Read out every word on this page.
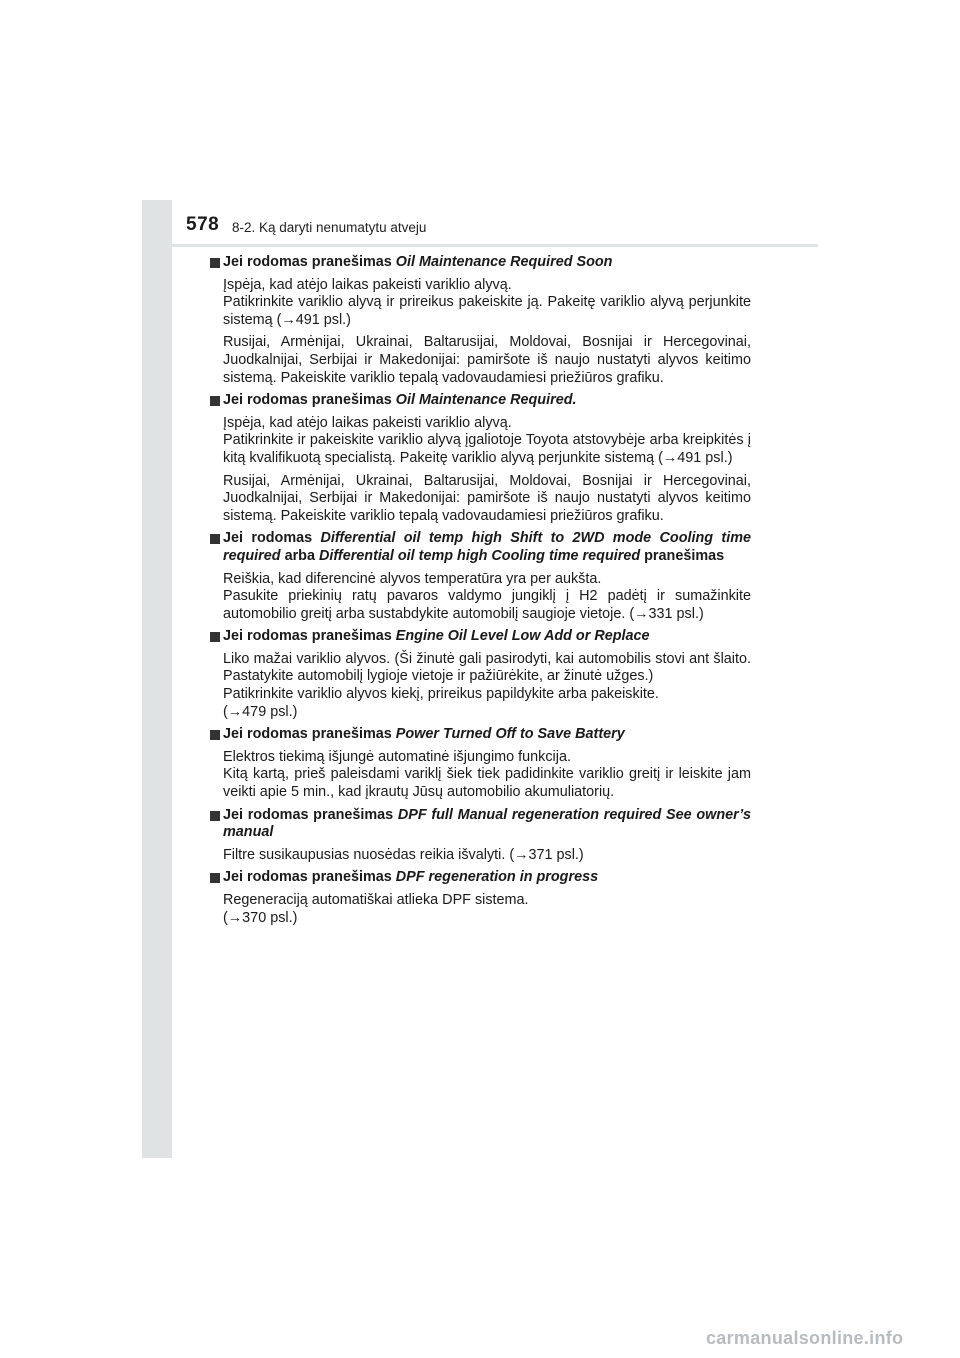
578 8-2. Ką daryti nenumatytu atveju
Jei rodomas pranešimas Oil Maintenance Required Soon
Įspėja, kad atėjo laikas pakeisti variklio alyvą.
Patikrinkite variklio alyvą ir prireikus pakeiskite ją. Pakeitę variklio alyvą perjunkite sistemą (→491 psl.)
Rusijai, Armėnijai, Ukrainai, Baltarusijai, Moldovai, Bosnijai ir Hercegovinai, Juodkalnijai, Serbijai ir Makedonijai: pamiršote iš naujo nustatyti alyvos keitimo sistemą. Pakeiskite variklio tepalą vadovaudamiesi priežiūros grafiku.
Jei rodomas pranešimas Oil Maintenance Required.
Įspėja, kad atėjo laikas pakeisti variklio alyvą.
Patikrinkite ir pakeiskite variklio alyvą įgaliotoje Toyota atstovybėje arba kreipkitės į kitą kvalifikuotą specialistą. Pakeitę variklio alyvą perjunkite sistemą (→491 psl.)
Rusijai, Armėnijai, Ukrainai, Baltarusijai, Moldovai, Bosnijai ir Hercegovinai, Juodkalnijai, Serbijai ir Makedonijai: pamiršote iš naujo nustatyti alyvos keitimo sistemą. Pakeiskite variklio tepalą vadovaudamiesi priežiūros grafiku.
Jei rodomas Differential oil temp high Shift to 2WD mode Cooling time required arba Differential oil temp high Cooling time required pranešimas
Reiškia, kad diferencinė alyvos temperatūra yra per aukšta.
Pasukite priekinių ratų pavaros valdymo jungiklį į H2 padėtį ir sumažinkite automobilio greitį arba sustabdykite automobilį saugioje vietoje. (→331 psl.)
Jei rodomas pranešimas Engine Oil Level Low Add or Replace
Liko mažai variklio alyvos. (Ši žinutė gali pasirodyti, kai automobilis stovi ant šlaito. Pastatykite automobilį lygioje vietoje ir pažiūrėkite, ar žinutė užges.)
Patikrinkite variklio alyvos kiekį, prireikus papildykite arba pakeiskite.
(→479 psl.)
Jei rodomas pranešimas Power Turned Off to Save Battery
Elektros tiekimą išjungė automatinė išjungimo funkcija.
Kitą kartą, prieš paleisdami variklį šiek tiek padidinkite variklio greitį ir leiskite jam veikti apie 5 min., kad įkrautų Jūsų automobilio akumuliatorių.
Jei rodomas pranešimas DPF full Manual regeneration required See owner’s manual
Filtre susikaupusias nuosėdas reikia išvalyti. (→371 psl.)
Jei rodomas pranešimas DPF regeneration in progress
Regeneraciją automatiškai atlieka DPF sistema.
(→370 psl.)
carmanualsonline.info
